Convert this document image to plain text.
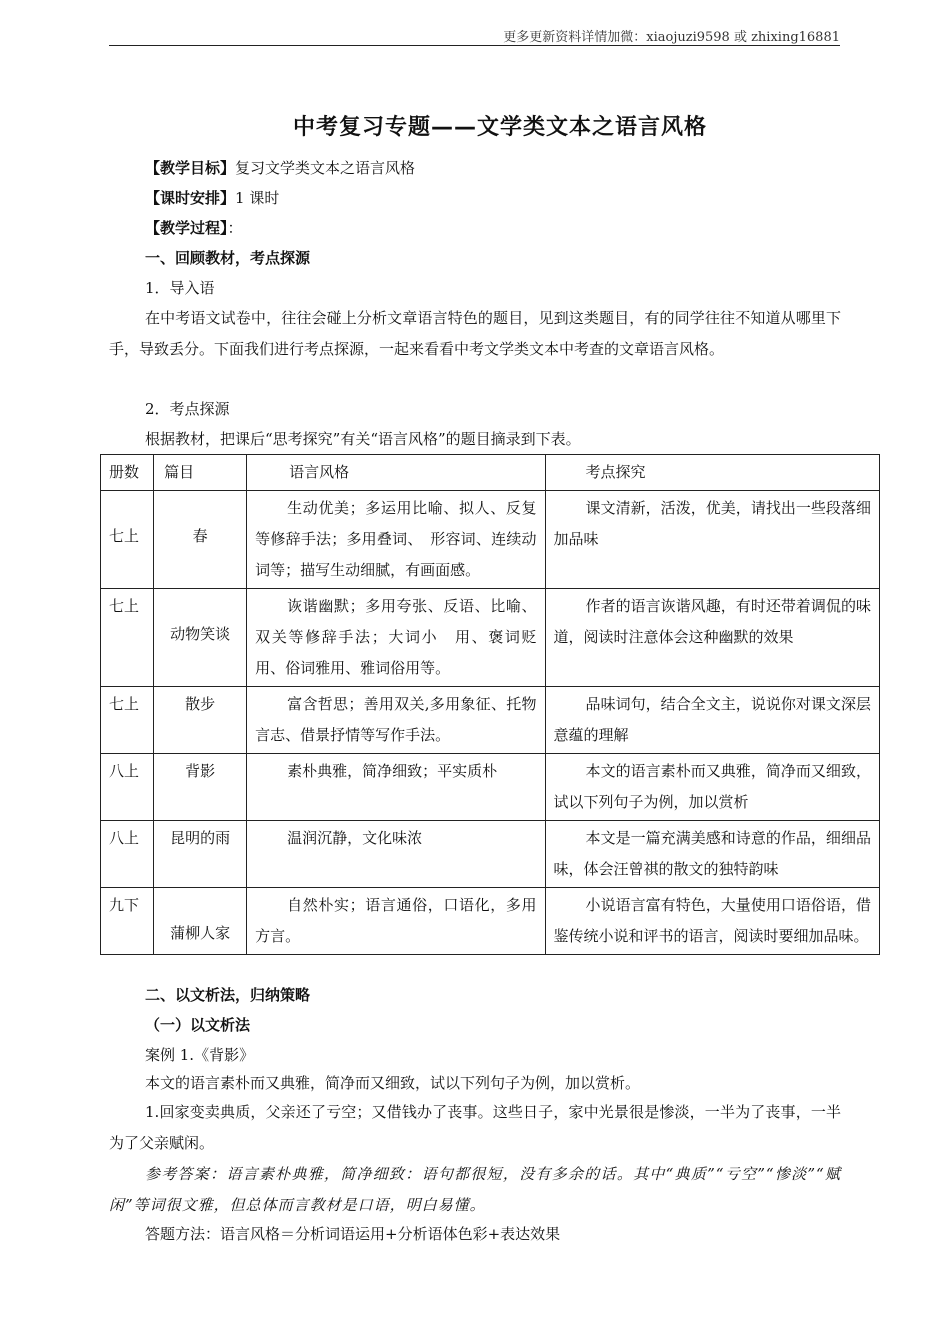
更多更新资料详情加微：xiaojuzi9598 或 zhixing16881
中考复习专题——文学类文本之语言风格
【教学目标】复习文学类文本之语言风格
【课时安排】1 课时
【教学过程】：
一、回顾教材，考点探源
1．导入语
在中考语文试卷中，往往会碰上分析文章语言特色的题目，见到这类题目，有的同学往往不知道从哪里下手，导致丢分。下面我们进行考点探源，一起来看看中考文学类文本中考查的文章语言风格。
2．考点探源
根据教材，把课后“思考探究”有关“语言风格”的题目摘录到下表。
册数	篇目	语言风格	考点探究
七上	春	生动优美；多运用比喻、拟人、反复等修辞手法；多用叠词、　形容词、连续动词等；描写生动细腻，有画面感。	课文清新，活泼，优美，请找出一些段落细加品味
七上	动物笑谈	诙谐幽默；多用夸张、反语、比喻、双关等修辞手法；大词小　用、褒词贬用、俗词雅用、雅词俗用等。	作者的语言诙谐风趣，有时还带着调侃的味道，阅读时注意体会这种幽默的效果
七上	散步	富含哲思；善用双关,多用象征、托物言志、借景抒情等写作手法。	品味词句，结合全文主，说说你对课文深层意蕴的理解
八上	背影	素朴典雅，简净细致；平实质朴	本文的语言素朴而又典雅，简净而又细致，试以下列句子为例，加以赏析
八上	昆明的雨	温润沉静，文化味浓	本文是一篇充满美感和诗意的作品，细细品味，体会汪曾祺的散文的独特韵味
九下	蒲柳人家	自然朴实；语言通俗，口语化，多用方言。	小说语言富有特色，大量使用口语俗语，借鉴传统小说和评书的语言，阅读时要细加品味。
二、以文析法，归纳策略
（一）以文析法
案例 1.《背影》
本文的语言素朴而又典雅，简净而又细致，试以下列句子为例，加以赏析。
1.回家变卖典质，父亲还了亏空；又借钱办了丧事。这些日子，家中光景很是惨淡，一半为了丧事，一半为了父亲赋闲。
参考答案：语言素朴典雅，简净细致：语句都很短，没有多余的话。其中“典质”“亏空”“惨淡”“赋闲”等词很文雅，但总体而言教材是口语，明白易懂。
答题方法：语言风格＝分析词语运用+分析语体色彩+表达效果
